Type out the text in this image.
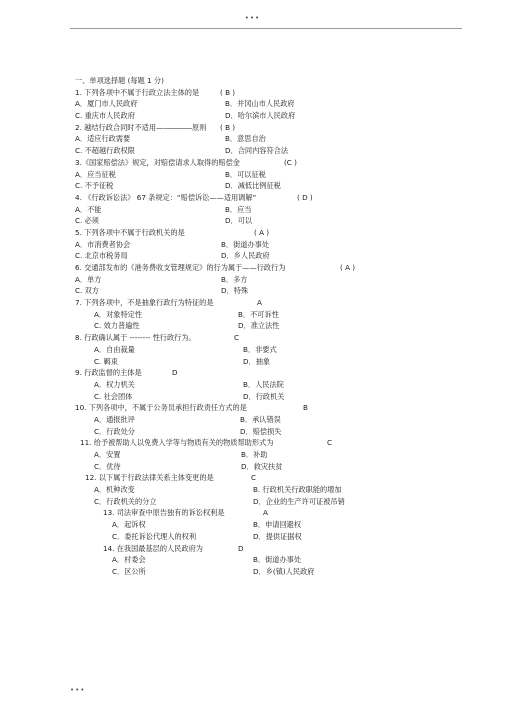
•••
一、单项选择题 (每题 1 分)
1. 下列各项中不属于行政立法主体的是	( B )
A．厦门市人民政府	B．井冈山市人民政府
C. 重庆市人民政府	D．哈尔滨市人民政府
2. 越结行政合同时不适用—――――原则 ( B )
A．适应行政需要	B．意思自治
C. 不超越行政权限	D．合同内容符合法
3.《国家赔偿法》规定，对赔偿请求人取得的赔偿金	(C )
A．应当征税	B．可以征税
C. 不予征税	D．减低比例征税
4. 《行政诉讼法》 67 条规定：“赔偿诉讼——适用调解”	( D )
A．不能	B．应当
C. 必须	D．可以
5. 下列各项中不属于行政机关的是	( A )
A．市消费者协会	B．街道办事处
C. 北京市税务局	D．乡人民政府
6. 交通部发布的《港务费收支管理规定》的行为属于——行政行为	( A )
A．单方	B．多方
C. 双方	D．特殊
7. 下列各项中，不是抽象行政行为特征的是	A
A．对象特定性	B．不可诉性
C. 效力普遍性	D．准立法性
8. 行政确认属于 -------- 性行政行为。	C
A．自由裁量	B．非要式
C. 羁束	D．抽象
9. 行政监督的主体是	D
A．权力机关	B．人民法院
C. 社会团体	D．行政机关
10. 下列各项中，不属于公务员承担行政责任方式的是	B
A．通报批评	B．承认错误
C．行政处分	D．赔偿损失
11. 给予被帮助人以免费入学等与物质有关的物质帮助形式为	C
A．安置	B．补助
C．优待	D．救灾扶贫
12. 以下属于行政法律关系主体变更的是	C
A．机种改变	B. 行政机关行政职能的增加
C．行政机关的分立	D．企业的生产许可证被吊销
13. 司法审查中原告独有的诉讼权利是	A
A．起诉权	B．申请回避权
C．委托诉讼代理人的权利	D．提供证据权
14. 在我国最基层的人民政府为	D
A．村委会	B．街道办事处
C．区公所	D．乡(镇)人民政府
•••
